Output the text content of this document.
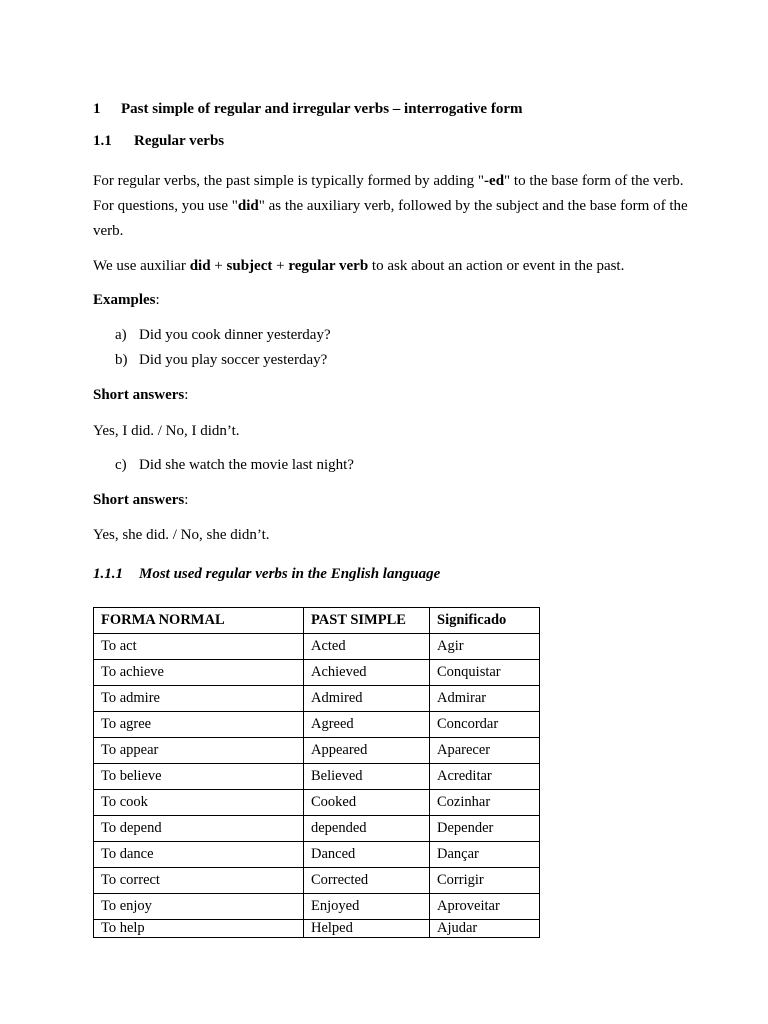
1 Past simple of regular and irregular verbs – interrogative form
1.1 Regular verbs
For regular verbs, the past simple is typically formed by adding "-ed" to the base form of the verb. For questions, you use "did" as the auxiliary verb, followed by the subject and the base form of the verb.
We use auxiliar did + subject + regular verb to ask about an action or event in the past.
Examples:
a) Did you cook dinner yesterday?
b) Did you play soccer yesterday?
Short answers:
Yes, I did. / No, I didn’t.
c) Did she watch the movie last night?
Short answers:
Yes, she did. / No, she didn’t.
1.1.1 Most used regular verbs in the English language
FORMA NORMAL	PAST SIMPLE	Significado
To act	Acted	Agir
To achieve	Achieved	Conquistar
To admire	Admired	Admirar
To agree	Agreed	Concordar
To appear	Appeared	Aparecer
To believe	Believed	Acreditar
To cook	Cooked	Cozinhar
To depend	depended	Depender
To dance	Danced	Dançar
To correct	Corrected	Corrigir
To enjoy	Enjoyed	Aproveitar
To help	Helped	Ajudar
